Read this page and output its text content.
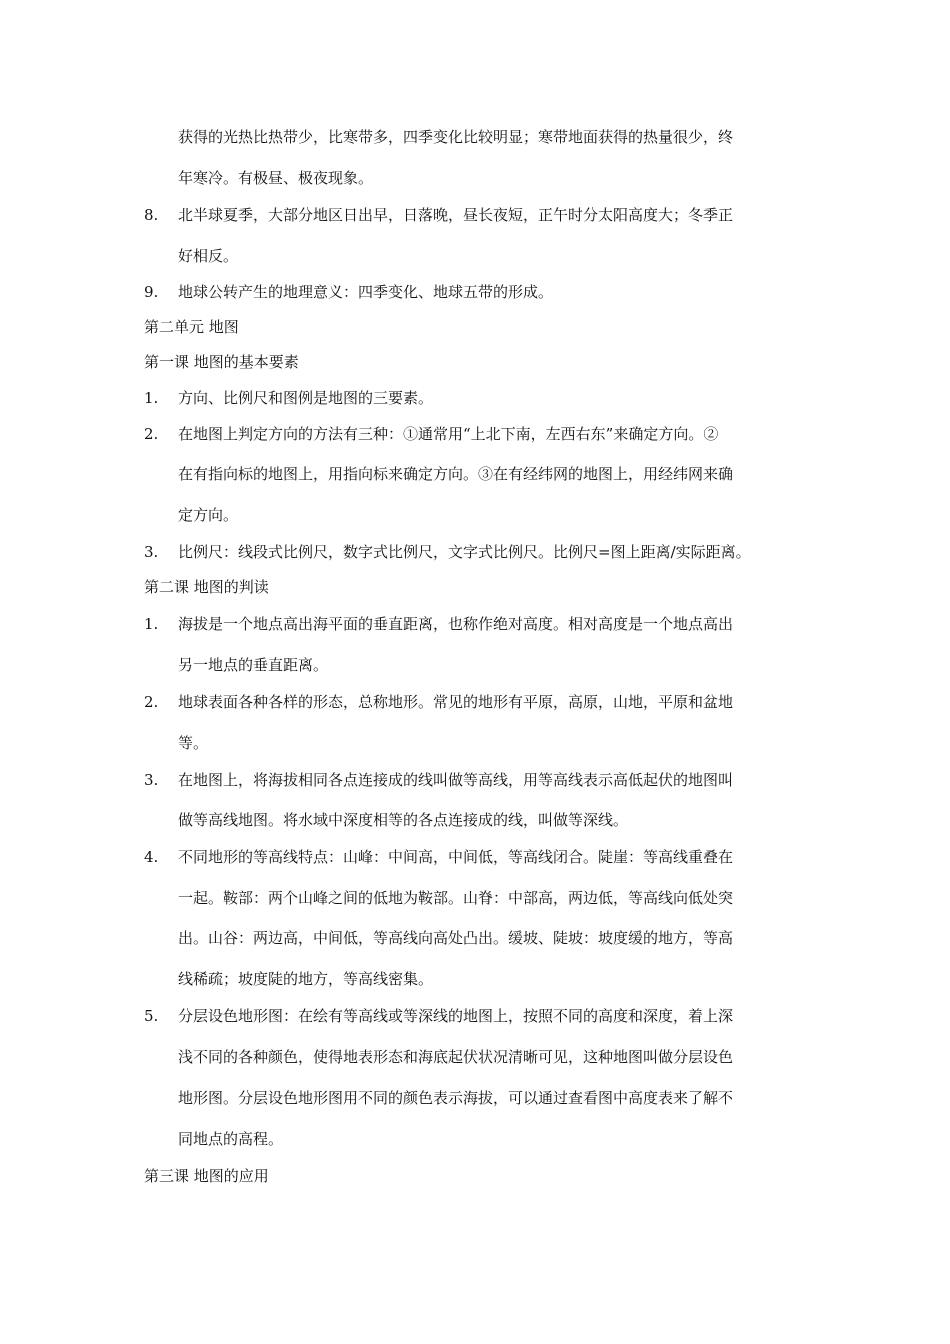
获得的光热比热带少，比寒带多，四季变化比较明显；寒带地面获得的热量很少，终
年寒冷。有极昼、极夜现象。
8. 北半球夏季，大部分地区日出早，日落晚，昼长夜短，正午时分太阳高度大；冬季正
好相反。
9. 地球公转产生的地理意义：四季变化、地球五带的形成。
第二单元 地图
第一课 地图的基本要素
1. 方向、比例尺和图例是地图的三要素。
2. 在地图上判定方向的方法有三种：①通常用“上北下南，左西右东”来确定方向。②
在有指向标的地图上，用指向标来确定方向。③在有经纬网的地图上，用经纬网来确
定方向。
3. 比例尺：线段式比例尺，数字式比例尺，文字式比例尺。比例尺=图上距离/实际距离。
第二课 地图的判读
1. 海拔是一个地点高出海平面的垂直距离，也称作绝对高度。相对高度是一个地点高出
另一地点的垂直距离。
2. 地球表面各种各样的形态，总称地形。常见的地形有平原，高原，山地，平原和盆地
等。
3. 在地图上，将海拔相同各点连接成的线叫做等高线，用等高线表示高低起伏的地图叫
做等高线地图。将水域中深度相等的各点连接成的线，叫做等深线。
4. 不同地形的等高线特点：山峰：中间高，中间低，等高线闭合。陡崖：等高线重叠在
一起。鞍部：两个山峰之间的低地为鞍部。山脊：中部高，两边低，等高线向低处突
出。山谷：两边高，中间低，等高线向高处凸出。缓坡、陡坡：坡度缓的地方，等高
线稀疏；坡度陡的地方，等高线密集。
5. 分层设色地形图：在绘有等高线或等深线的地图上，按照不同的高度和深度，着上深
浅不同的各种颜色，使得地表形态和海底起伏状况清晰可见，这种地图叫做分层设色
地形图。分层设色地形图用不同的颜色表示海拔，可以通过查看图中高度表来了解不
同地点的高程。
第三课 地图的应用
